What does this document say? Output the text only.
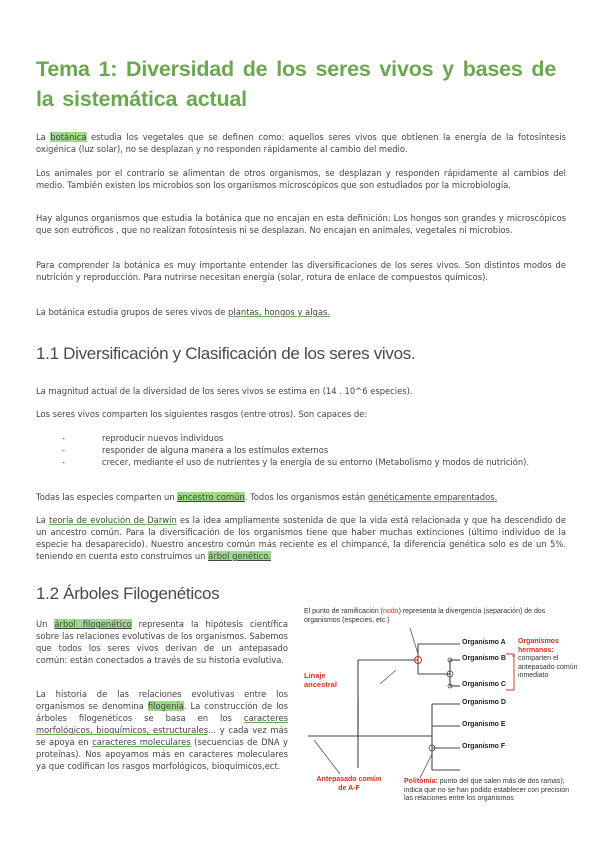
Tema 1: Diversidad de los seres vivos y bases de la sistemática actual

La botánica estudia los vegetales que se definen como: aquellos seres vivos que obtienen la energía de la fotosíntesis oxigénica (luz solar), no se desplazan y no responden rápidamente al cambio del medio.

Los animales por el contrario se alimentan de otros organismos, se desplazan y responden rápidamente al cambios del medio. También existen los microbios son los organismos microscópicos que son estudiados por la microbiología.

Hay algunos organismos que estudia la botánica que no encajan en esta definición: Los hongos son grandes y microscópicos que son eutróficos , que no realizan fotosíntesis ni se desplazan. No encajan en animales, vegetales ni microbios.

Para comprender la botánica es muy importante entender las diversificaciones de los seres vivos. Son distintos modos de nutrición y reproducción. Para nutrirse necesitan energía (solar, rotura de enlace de compuestos químicos).

La botánica estudia grupos de seres vivos de plantas, hongos y algas.

1.1 Diversificación y Clasificación de los seres vivos.

La magnitud actual de la diversidad de los seres vivos se estima en (14 . 10^6 especies).

Los seres vivos comparten los siguientes rasgos (entre otros). Son capaces de:

- reproducir nuevos individuos
- responder de alguna manera a los estímulos externos
- crecer, mediante el uso de nutrientes y la energía de su entorno (Metabolismo y modos de nutrición).

Todas las especies comparten un ancestro común. Todos los organismos están genéticamente emparentados.

La teoría de evolución de Darwin es la idea ampliamente sostenida de que la vida está relacionada y que ha descendido de un ancestro común. Para la diversificación de los organismos tiene que haber muchas extinciones (último individuo de la especie ha desaparecido). Nuestro ancestro común más reciente es el chimpancé, la diferencia genética solo es de un 5%. teniendo en cuenta esto construimos un árbol genético.

1.2 Árboles Filogenéticos

Un árbol filogenético representa la hipótesis científica sobre las relaciones evolutivas de los organismos. Sabemos que todos los seres vivos derivan de un antepasado común: están conectados a través de su historia evolutiva.

La historia de las relaciones evolutivas entre los organismos se denomina filogenia. La construcción de los árboles filogenéticos se basa en los caracteres morfológicos, bioquímicos, estructurales... y cada vez más se apoya en caracteres moleculares (secuencias de DNA y proteínas). Nos apoyamos más en caracteres moleculares ya que codifican los rasgos morfológicos, bioquímicos,ect.

El punto de ramificación (nodo) representa la divergencia (separación) de dos organismos (especies, etc.)
Organismo A
Organismo B
Organismo C
Organismo D
Organismo E
Organismo F
Organismos hermanos:
comparten el antepasado común inmediato
Linaje ancestral
Antepasado común de A-F
Politomía: punto del que salen más de dos ramas); indica que no se han podido establecer con precisión las relaciones entre los organismos
